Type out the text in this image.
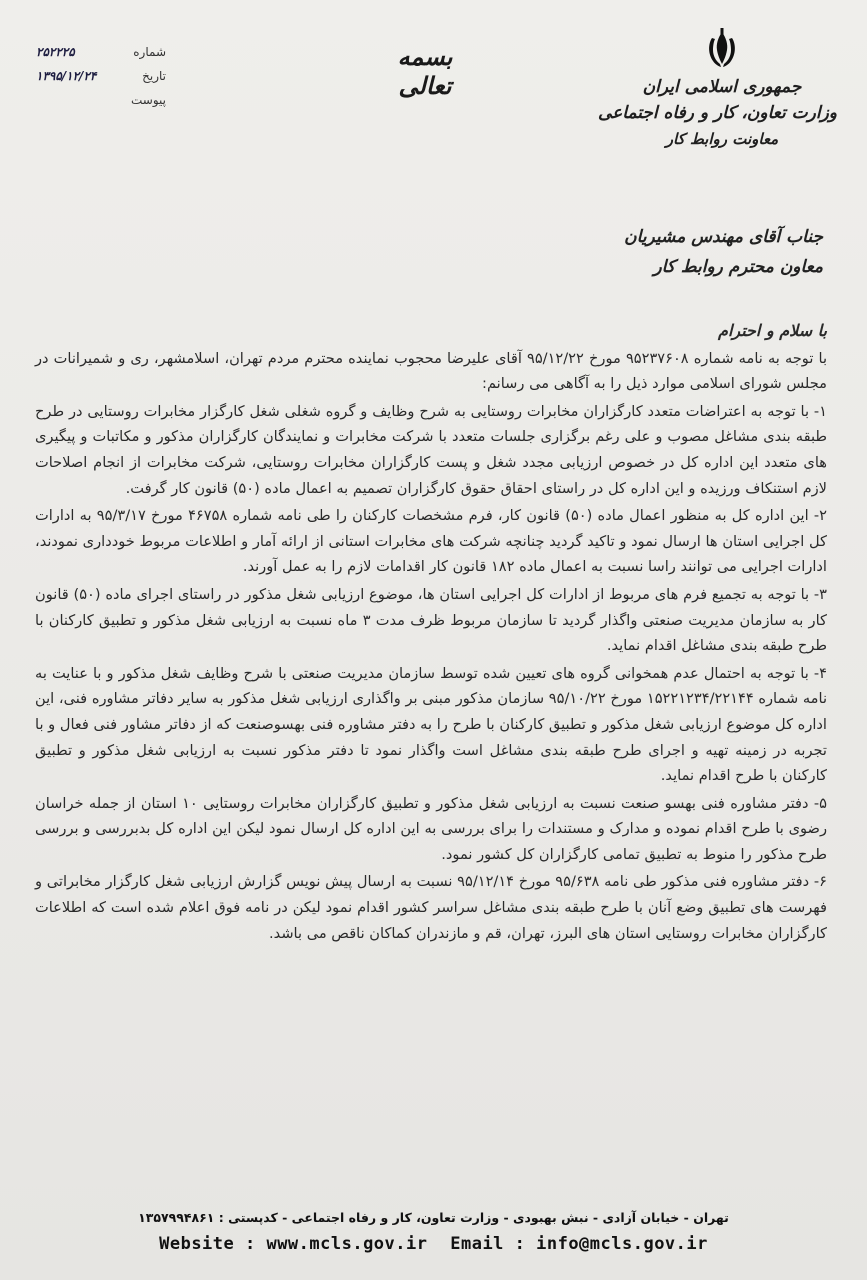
جمهوری اسلامی ایران
وزارت تعاون، کار و رفاه اجتماعی
معاونت روابط کار
بسمه تعالی
شماره
۲۵۲۲۲۵
تاریخ
۱۳۹۵/۱۲/۲۴
پیوست
جناب آقای مهندس مشیریان
معاون محترم روابط کار
با سلام و احترام

با توجه به نامه شماره ۹۵۲۳۷۶۰۸ مورخ ۹۵/۱۲/۲۲ آقای علیرضا محجوب نماینده محترم مردم تهران، اسلامشهر، ری و شمیرانات در مجلس شورای اسلامی موارد ذیل را به آگاهی می رسانم:

۱- با توجه به اعتراضات متعدد کارگزاران مخابرات روستایی به شرح وظایف و گروه شغلی شغل کارگزار مخابرات روستایی در طرح طبقه بندی مشاغل مصوب و علی رغم برگزاری جلسات متعدد با شرکت مخابرات و نمایندگان کارگزاران مذکور و مکاتبات و پیگیری های متعدد این اداره کل در خصوص ارزیابی مجدد شغل و پست کارگزاران مخابرات روستایی، شرکت مخابرات از انجام اصلاحات لازم استنکاف ورزیده و این اداره کل در راستای احقاق حقوق کارگزاران تصمیم به اعمال ماده (۵۰) قانون کار گرفت.

۲- این اداره کل به منظور اعمال ماده (۵۰) قانون کار، فرم مشخصات کارکنان را طی نامه شماره ۴۶۷۵۸ مورخ ۹۵/۳/۱۷ به ادارات کل اجرایی استان ها ارسال نمود و تاکید گردید چنانچه شرکت های مخابرات استانی از ارائه آمار و اطلاعات مربوط خودداری نمودند، ادارات اجرایی می توانند راسا نسبت به اعمال ماده ۱۸۲ قانون کار اقدامات لازم را به عمل آورند.

۳- با توجه به تجمیع فرم های مربوط از ادارات کل اجرایی استان ها، موضوع ارزیابی شغل مذکور در راستای اجرای ماده (۵۰) قانون کار به سازمان مدیریت صنعتی واگذار گردید تا سازمان مربوط ظرف مدت ۳ ماه نسبت به ارزیابی شغل مذکور و تطبیق کارکنان با طرح طبقه بندی مشاغل اقدام نماید.

۴- با توجه به احتمال عدم همخوانی گروه های تعیین شده توسط سازمان مدیریت صنعتی با شرح وظایف شغل مذکور و با عنایت به نامه شماره ۱۵۲۲۱۲۳۴/۲۲۱۴۴ مورخ ۹۵/۱۰/۲۲ سازمان مذکور مبنی بر واگذاری ارزیابی شغل مذکور به سایر دفاتر مشاوره فنی، این اداره کل موضوع ارزیابی شغل مذکور و تطبیق کارکنان با طرح را به دفتر مشاوره فنی بهسوصنعت که از دفاتر مشاور فنی فعال و با تجربه در زمینه تهیه و اجرای طرح طبقه بندی مشاغل است واگذار نمود تا دفتر مذکور نسبت به ارزیابی شغل مذکور و تطبیق کارکنان با طرح اقدام نماید.

۵- دفتر مشاوره فنی بهسو صنعت نسبت به ارزیابی شغل مذکور و تطبیق کارگزاران مخابرات روستایی ۱۰ استان از جمله خراسان رضوی با طرح اقدام نموده و مدارک و مستندات را برای بررسی به این اداره کل ارسال نمود لیکن این اداره کل بدبررسی و بررسی طرح مذکور را منوط به تطبیق تمامی کارگزاران کل کشور نمود.

۶- دفتر مشاوره فنی مذکور طی نامه ۹۵/۶۳۸ مورخ ۹۵/۱۲/۱۴ نسبت به ارسال پیش نویس گزارش ارزیابی شغل کارگزار مخابراتی و فهرست های تطبیق وضع آنان با طرح طبقه بندی مشاغل سراسر کشور اقدام نمود لیکن در نامه فوق اعلام شده است که اطلاعات کارگزاران مخابرات روستایی استان های البرز، تهران، قم و مازندران کماکان ناقص می باشد.

تهران - خیابان آزادی - نبش بهبودی - وزارت تعاون، کار و رفاه اجتماعی - کدپستی : ۱۳۵۷۹۹۴۸۶۱
Website : www.mcls.gov.ir Email : info@mcls.gov.ir
